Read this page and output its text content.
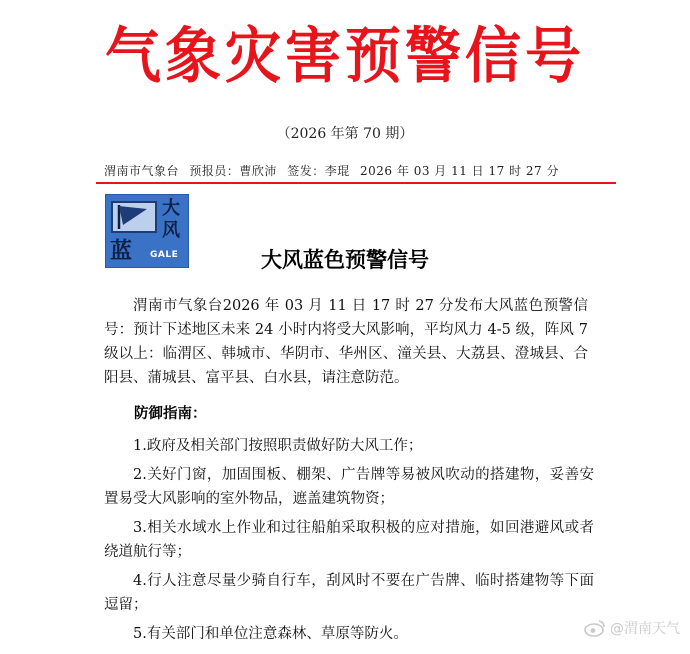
气象灾害预警信号
（2026 年第 70 期）
渭南市气象台 预报员：曹欣沛 签发：李琨 2026 年 03 月 11 日 17 时 27 分
大
风
蓝 GALE	大风蓝色预警信号
渭南市气象台2026 年 03 月 11 日 17 时 27 分发布大风蓝色预警信号：预计下述地区未来 24 小时内将受大风影响，平均风力 4-5 级，阵风 7 级以上：临渭区、韩城市、华阴市、华州区、潼关县、大荔县、澄城县、合阳县、蒲城县、富平县、白水县，请注意防范。
防御指南：
1.政府及相关部门按照职责做好防大风工作；
2.关好门窗，加固围板、棚架、广告牌等易被风吹动的搭建物，妥善安置易受大风影响的室外物品，遮盖建筑物资；
3.相关水域水上作业和过往船舶采取积极的应对措施，如回港避风或者绕道航行等；
4.行人注意尽量少骑自行车，刮风时不要在广告牌、临时搭建物等下面逗留；
5.有关部门和单位注意森林、草原等防火。	@渭南天气
